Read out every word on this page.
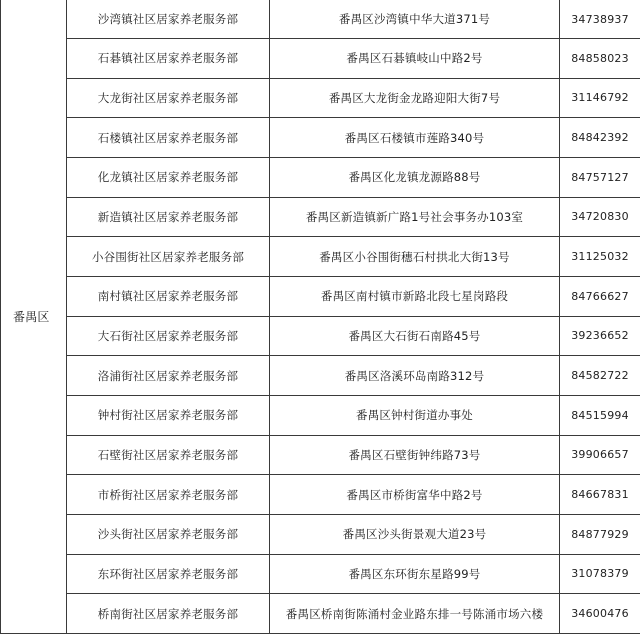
番禺区	沙湾镇社区居家养老服务部	番禺区沙湾镇中华大道371号	34738937
	石碁镇社区居家养老服务部	番禺区石碁镇岐山中路2号	84858023
	大龙街社区居家养老服务部	番禺区大龙街金龙路迎阳大街7号	31146792
	石楼镇社区居家养老服务部	番禺区石楼镇市莲路340号	84842392
	化龙镇社区居家养老服务部	番禺区化龙镇龙源路88号	84757127
	新造镇社区居家养老服务部	番禺区新造镇新广路1号社会事务办103室	34720830
	小谷围街社区居家养老服务部	番禺区小谷围街穗石村拱北大街13号	31125032
	南村镇社区居家养老服务部	番禺区南村镇市新路北段七星岗路段	84766627
	大石街社区居家养老服务部	番禺区大石街石南路45号	39236652
	洛浦街社区居家养老服务部	番禺区洛溪环岛南路312号	84582722
	钟村街社区居家养老服务部	番禺区钟村街道办事处	84515994
	石壁街社区居家养老服务部	番禺区石壁街钟纬路73号	39906657
	市桥街社区居家养老服务部	番禺区市桥街富华中路2号	84667831
	沙头街社区居家养老服务部	番禺区沙头街景观大道23号	84877929
	东环街社区居家养老服务部	番禺区东环街东星路99号	31078379
	桥南街社区居家养老服务部	番禺区桥南街陈涌村金业路东排一号陈涌市场六楼	34600476
